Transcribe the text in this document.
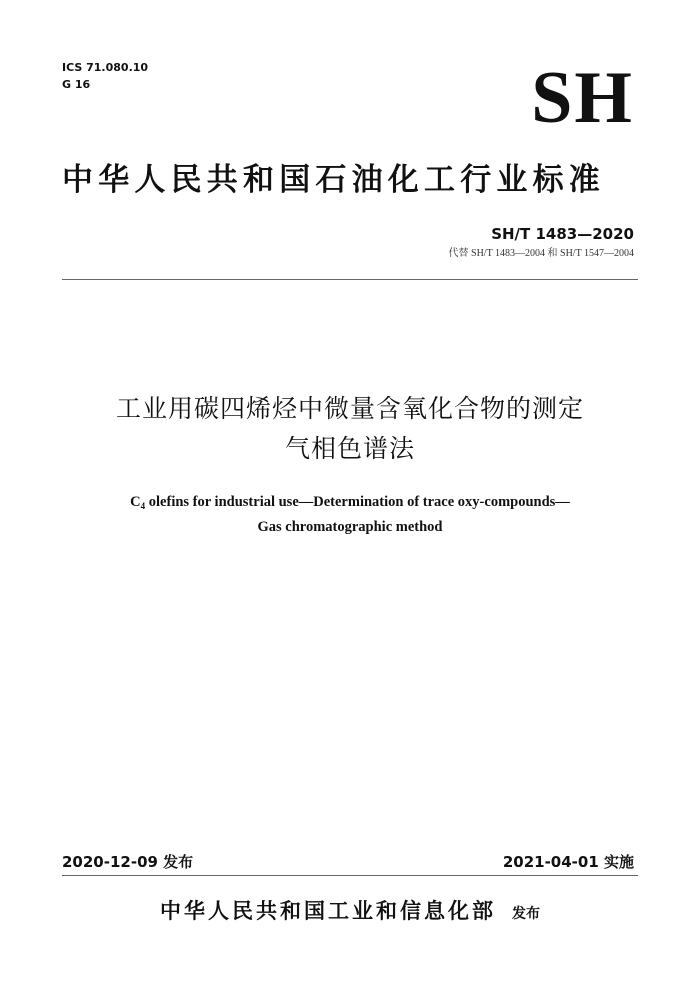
ICS 71.080.10
G 16	SH
中华人民共和国石油化工行业标准
SH/T 1483—2020
代替 SH/T 1483—2004 和 SH/T 1547—2004
工业用碳四烯烃中微量含氧化合物的测定
气相色谱法
$C_4$ olefins for industrial use—Determination of trace oxy-compounds—
Gas chromatographic method
2020-12-09 发布	2021-04-01 实施
中华人民共和国工业和信息化部 发布
